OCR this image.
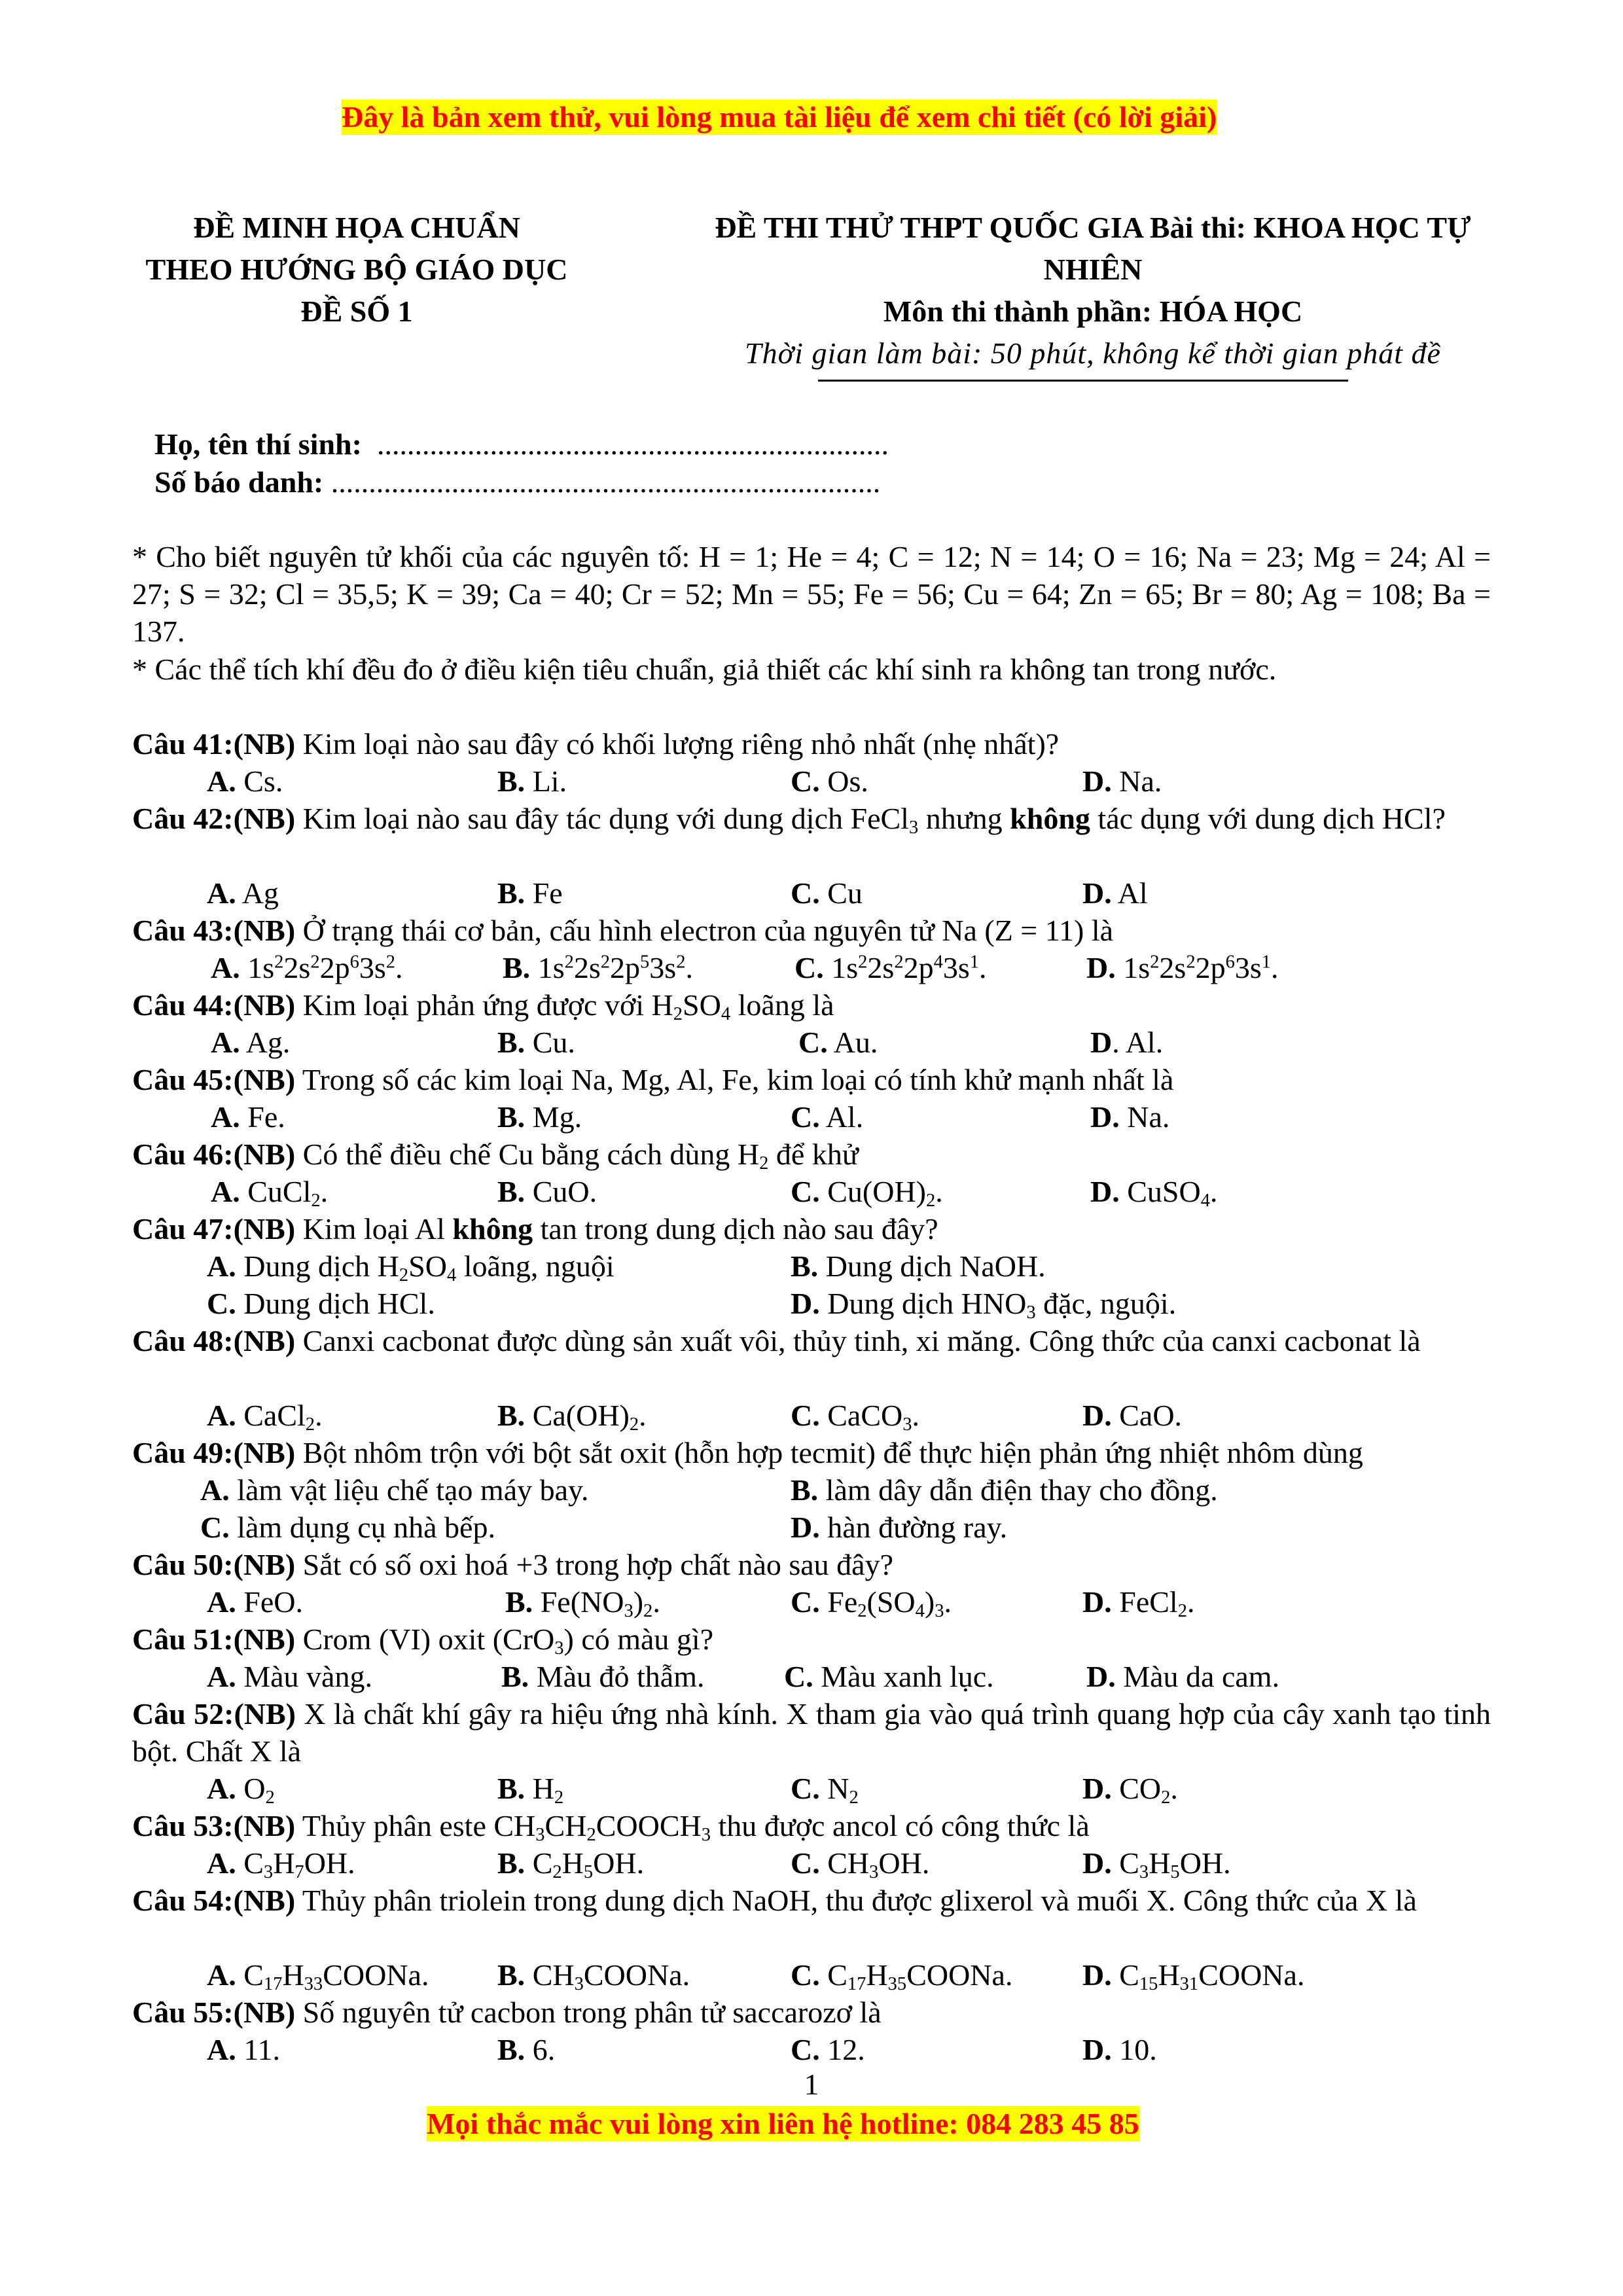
Đây là bản xem thử, vui lòng mua tài liệu để xem chi tiết (có lời giải)
ĐỀ MINH HỌA CHUẨN
THEO HƯỚNG BỘ GIÁO DỤC
ĐỀ SỐ 1
ĐỀ THI THỬ THPT QUỐC GIA Bài thi: KHOA HỌC TỰ
NHIÊN
Môn thi thành phần: HÓA HỌC
Thời gian làm bài: 50 phút, không kể thời gian phát đề
Họ, tên thí sinh: ....................................................................
Số báo danh: .........................................................................
* Cho biết nguyên tử khối của các nguyên tố: H = 1; He = 4; C = 12; N = 14; O = 16; Na = 23; Mg = 24; Al = 27; S = 32; Cl = 35,5; K = 39; Ca = 40; Cr = 52; Mn = 55; Fe = 56; Cu = 64; Zn = 65; Br = 80; Ag = 108; Ba = 137.
* Các thể tích khí đều đo ở điều kiện tiêu chuẩn, giả thiết các khí sinh ra không tan trong nước.
Câu 41:(NB) Kim loại nào sau đây có khối lượng riêng nhỏ nhất (nhẹ nhất)?
A. Cs.	B. Li.	C. Os.	D. Na.
Câu 42:(NB) Kim loại nào sau đây tác dụng với dung dịch FeCl$_3$ nhưng không tác dụng với dung dịch HCl?
A. Ag	B. Fe	C. Cu	D. Al
Câu 43:(NB) Ở trạng thái cơ bản, cấu hình electron của nguyên tử Na (Z = 11) là
A. $1s^22s^22p^63s^2$.	B. $1s^22s^22p^53s^2$.	C. $1s^22s^22p^43s^1$.	D. $1s^22s^22p^63s^1$.
Câu 44:(NB) Kim loại phản ứng được với $H_2SO_4$ loãng là
A. Ag.	B. Cu.	C. Au.	D. Al.
Câu 45:(NB) Trong số các kim loại Na, Mg, Al, Fe, kim loại có tính khử mạnh nhất là
A. Fe.	B. Mg.	C. Al.	D. Na.
Câu 46:(NB) Có thể điều chế Cu bằng cách dùng $H_2$ để khử
A. CuCl$_2$.	B. CuO.	C. $Cu(OH)_2$.	D. CuSO$_4$.
Câu 47:(NB) Kim loại Al không tan trong dung dịch nào sau đây?
A. Dung dịch $H_2SO_4$ loãng, nguội	B. Dung dịch NaOH.
C. Dung dịch HCl.	D. Dung dịch $HNO_3$ đặc, nguội.
Câu 48:(NB) Canxi cacbonat được dùng sản xuất vôi, thủy tinh, xi măng. Công thức của canxi cacbonat là
A. CaCl$_2$.	B. $Ca(OH)_2$.	C. CaCO$_3$.	D. CaO.
Câu 49:(NB) Bột nhôm trộn với bột sắt oxit (hỗn hợp tecmit) để thực hiện phản ứng nhiệt nhôm dùng
A. làm vật liệu chế tạo máy bay.	B. làm dây dẫn điện thay cho đồng.
C. làm dụng cụ nhà bếp.	D. hàn đường ray.
Câu 50:(NB) Sắt có số oxi hoá +3 trong hợp chất nào sau đây?
A. FeO.	B. $Fe(NO_3)_2$.	C. $Fe_2(SO_4)_3$.	D. FeCl$_2$.
Câu 51:(NB) Crom (VI) oxit (CrO$_3$) có màu gì?
A. Màu vàng.	B. Màu đỏ thẫm.	C. Màu xanh lục.	D. Màu da cam.
Câu 52:(NB) X là chất khí gây ra hiệu ứng nhà kính. X tham gia vào quá trình quang hợp của cây xanh tạo tinh bột. Chất X là
A. $O_2$	B. $H_2$	C. $N_2$	D. $CO_2$.
Câu 53:(NB) Thủy phân este $CH_3CH_2COOCH_3$ thu được ancol có công thức là
A. $C_3H_7OH$.	B. $C_2H_5OH$.	C. $CH_3OH$.	D. $C_3H_5OH$.
Câu 54:(NB) Thủy phân triolein trong dung dịch NaOH, thu được glixerol và muối X. Công thức của X là
A. $C_{17}H_{33}COONa$. B. $CH_3COONa$.	C. $C_{17}H_{35}COONa$. D. $C_{15}H_{31}COONa$.
Câu 55:(NB) Số nguyên tử cacbon trong phân tử saccarozơ là
A. 11.	B. 6.	C. 12.	D. 10.
1
Mọi thắc mắc vui lòng xin liên hệ hotline: 084 283 45 85
